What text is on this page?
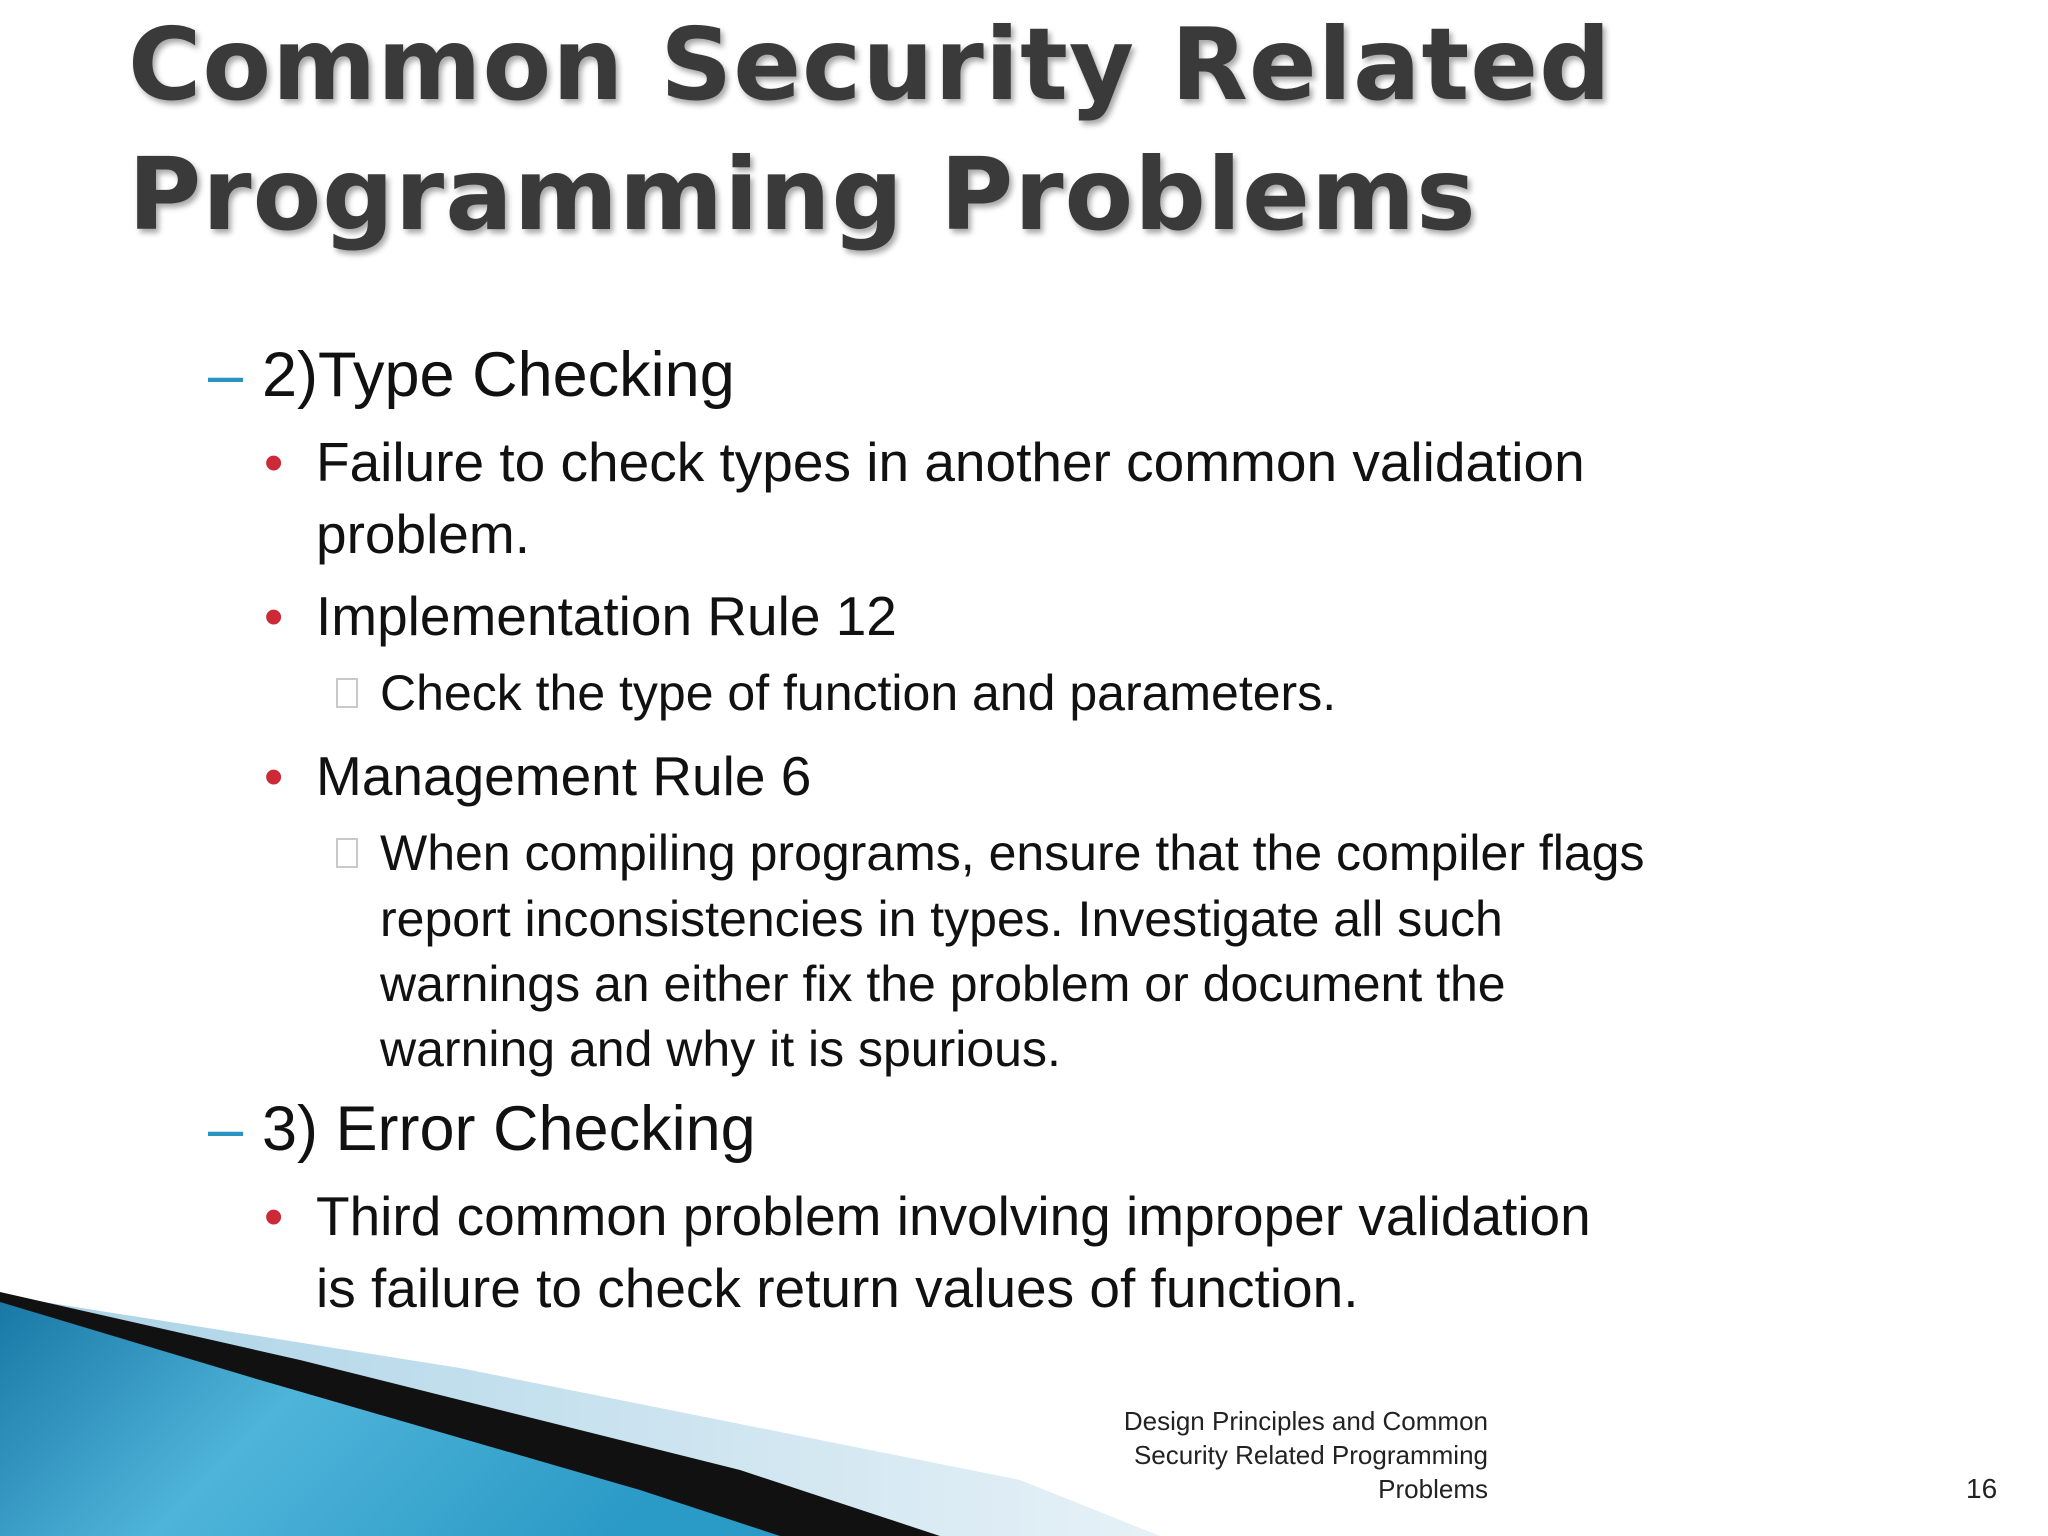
Common Security Related
Programming Problems
– 2)Type Checking
• Failure to check types in another common validation
problem.
• Implementation Rule 12
Check the type of function and parameters.
• Management Rule 6
When compiling programs, ensure that the compiler flags
report inconsistencies in types. Investigate all such
warnings an either fix the problem or document the
warning and why it is spurious.
– 3) Error Checking
• Third common problem involving improper validation
is failure to check return values of function.
Design Principles and Common
Security Related Programming
Problems	16
